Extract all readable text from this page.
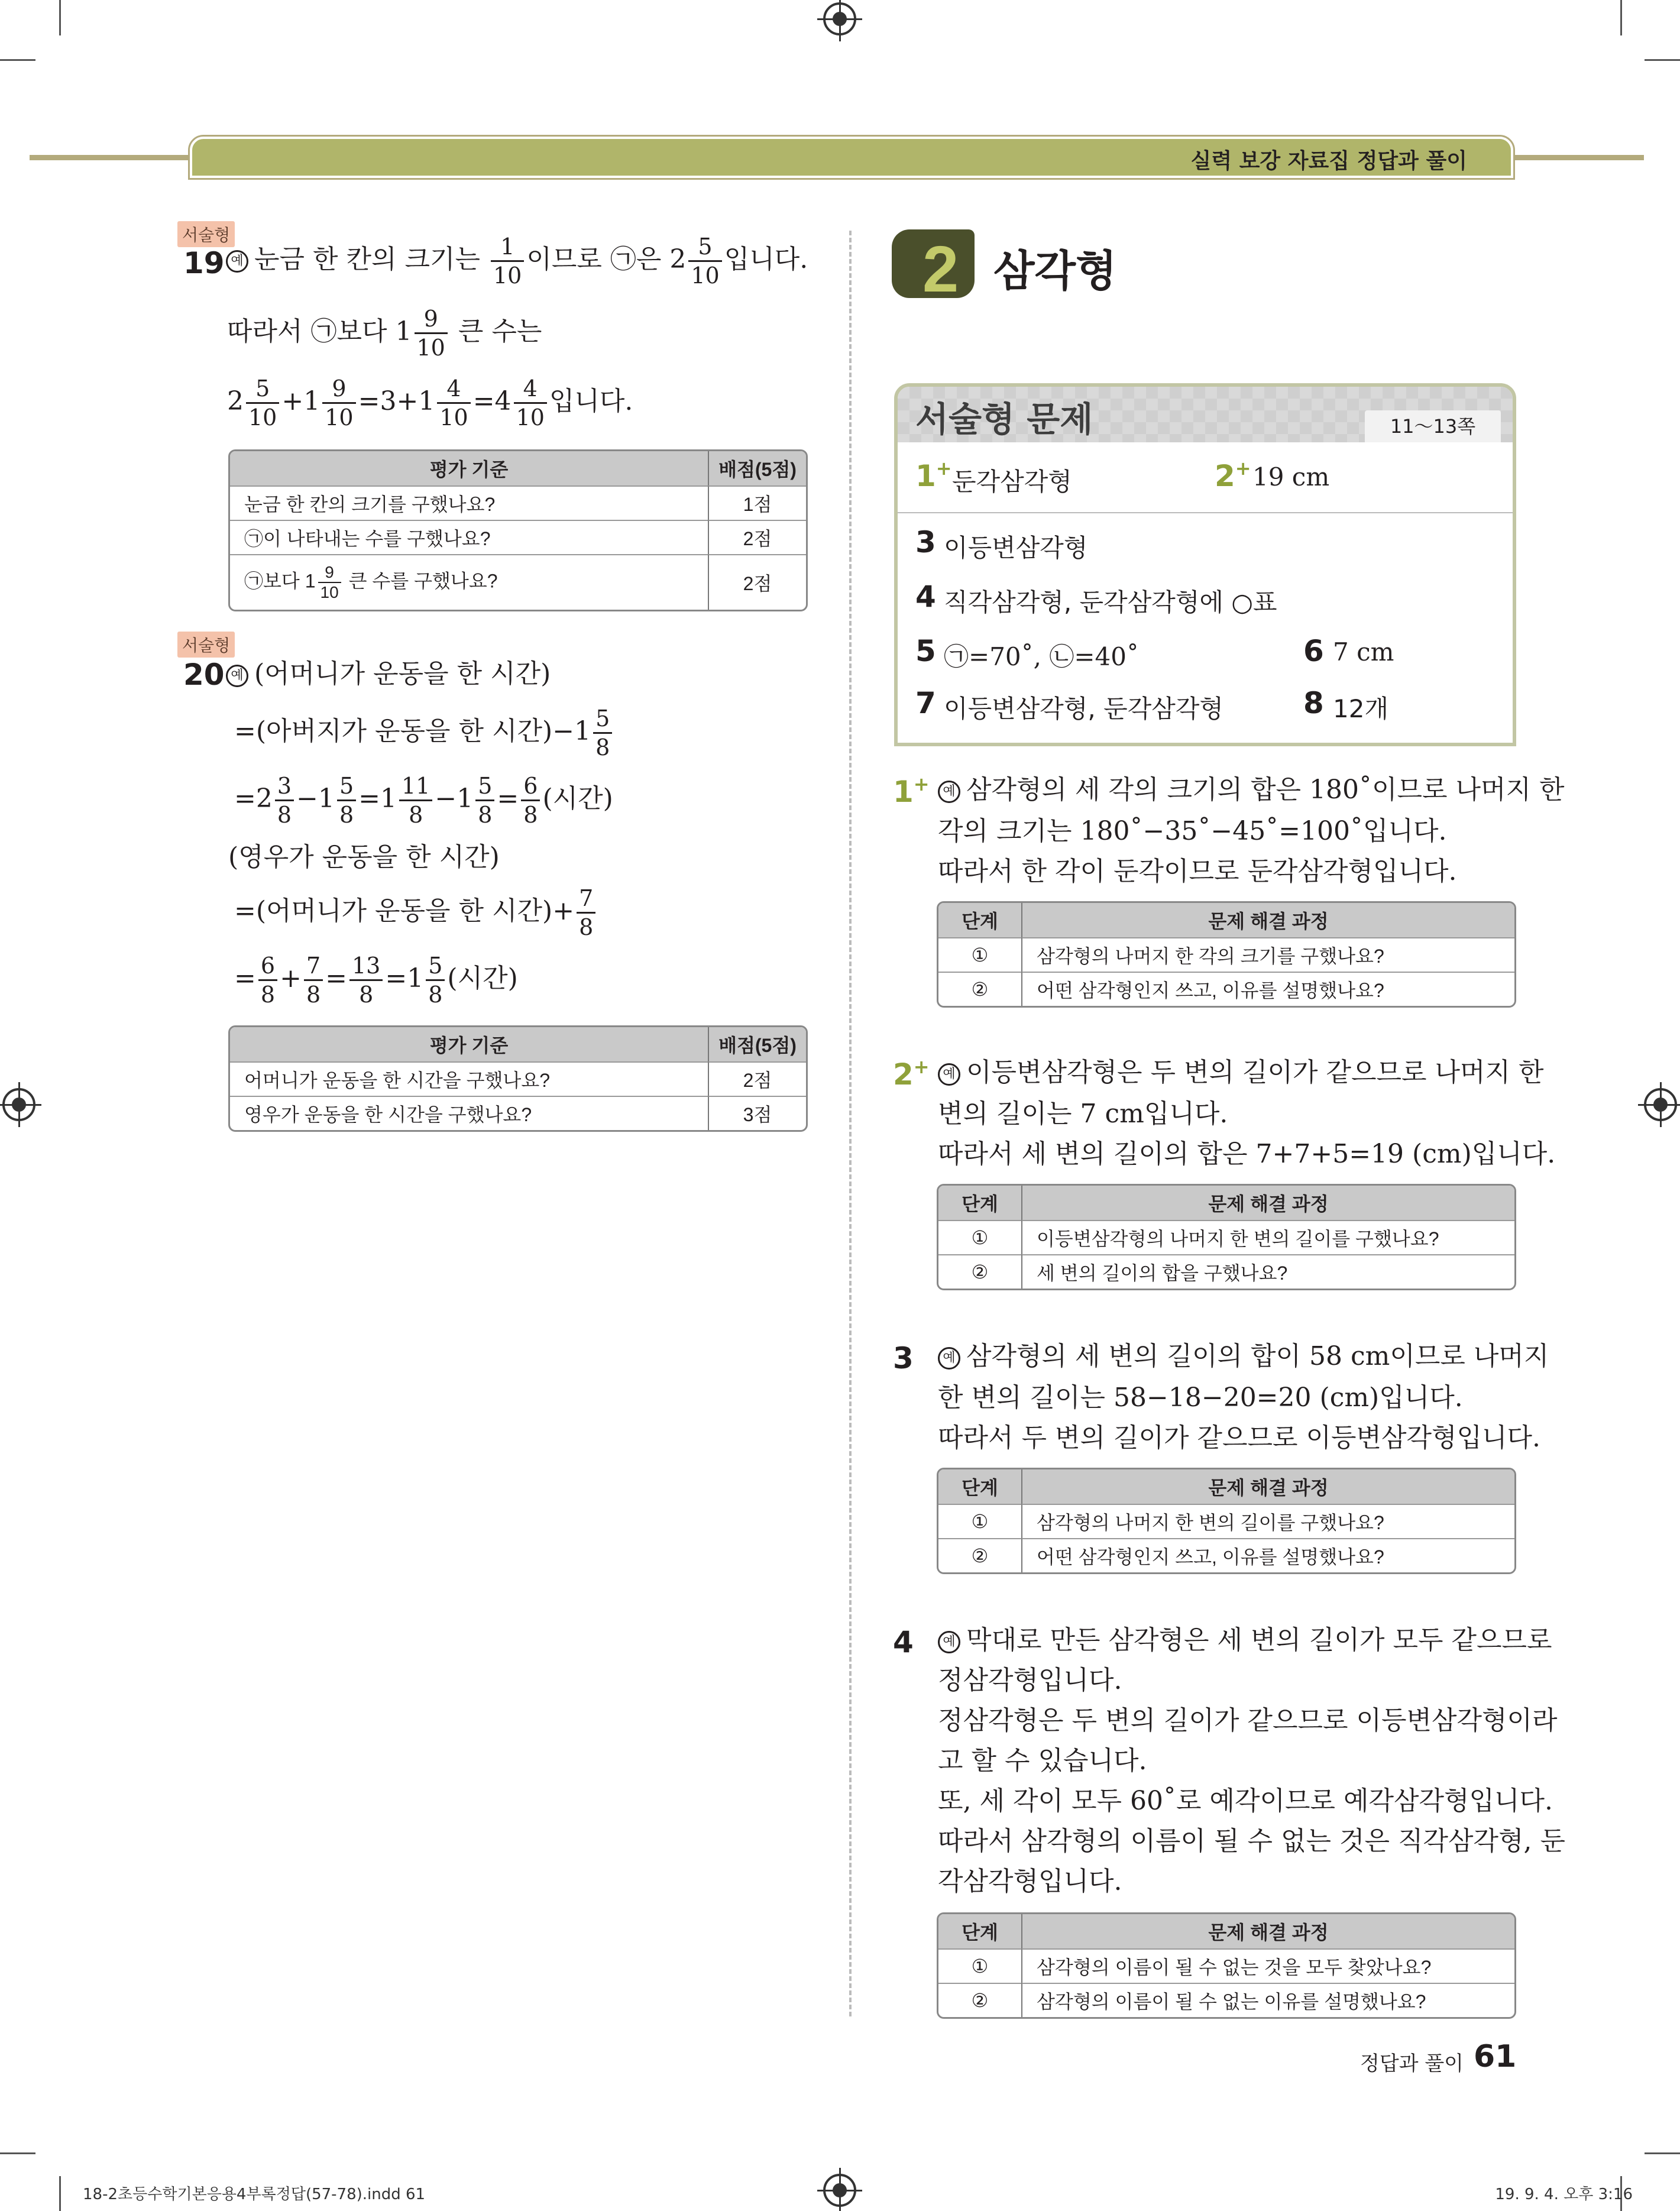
실력 보강 자료집 정답과 풀이
서술형
19 예 눈금 한 칸의 크기는 $\frac{1}{10}$ 이므로 ㉠은 $2 \frac{5}{10}$ 입니다.
따라서 ㉠보다 $1 \frac{9}{10}$ 큰 수는
$2 \frac{5}{10} +1 \frac{9}{10} =3+1 \frac{4}{10} =4 \frac{4}{10}$ 입니다.
평가 기준	배점(5점)
눈금 한 칸의 크기를 구했나요?	1점
㉠이 나타내는 수를 구했나요?	2점
㉠보다 $1 \frac{9}{10}$ 큰 수를 구했나요?	2점
서술형
20 예 (어머니가 운동을 한 시간)
=(아버지가 운동을 한 시간)$-1 \frac{5}{8}$
$=2 \frac{3}{8} -1 \frac{5}{8} =1 \frac{11}{8} -1 \frac{5}{8} = \frac{6}{8}$ (시간)
(영우가 운동을 한 시간)
=(어머니가 운동을 한 시간)+ $\frac{7}{8}$
= $\frac{6}{8} + \frac{7}{8} = \frac{13}{8} =1 \frac{5}{8}$ (시간)
평가 기준	배점(5점)
어머니가 운동을 한 시간을 구했나요?	2점
영우가 운동을 한 시간을 구했나요?	3점
2 삼각형
서술형 문제	11～13쪽
1+ 둔각삼각형	2+ 19 cm
3 이등변삼각형
4 직각삼각형, 둔각삼각형에 ○표
5 ㉠=70˚, ㉡=40˚	6 7 cm
7 이등변삼각형, 둔각삼각형	8 12개
1+	예 삼각형의 세 각의 크기의 합은 180˚이므로 나머지 한
각의 크기는 180˚−35˚−45˚=100˚입니다.
따라서 한 각이 둔각이므로 둔각삼각형입니다.
단계	문제 해결 과정
①	삼각형의 나머지 한 각의 크기를 구했나요?
②	어떤 삼각형인지 쓰고, 이유를 설명했나요?
2+	예 이등변삼각형은 두 변의 길이가 같으므로 나머지 한
변의 길이는 7 cm입니다.
따라서 세 변의 길이의 합은 7+7+5=19 (cm)입니다.
단계	문제 해결 과정
①	이등변삼각형의 나머지 한 변의 길이를 구했나요?
②	세 변의 길이의 합을 구했나요?
3	예 삼각형의 세 변의 길이의 합이 58 cm이므로 나머지
한 변의 길이는 58−18−20=20 (cm)입니다.
따라서 두 변의 길이가 같으므로 이등변삼각형입니다.
단계	문제 해결 과정
①	삼각형의 나머지 한 변의 길이를 구했나요?
②	어떤 삼각형인지 쓰고, 이유를 설명했나요?
4	예 막대로 만든 삼각형은 세 변의 길이가 모두 같으므로
정삼각형입니다.
정삼각형은 두 변의 길이가 같으므로 이등변삼각형이라
고 할 수 있습니다.
또, 세 각이 모두 60˚로 예각이므로 예각삼각형입니다.
따라서 삼각형의 이름이 될 수 없는 것은 직각삼각형, 둔
각삼각형입니다.
단계	문제 해결 과정
①	삼각형의 이름이 될 수 없는 것을 모두 찾았나요?
②	삼각형의 이름이 될 수 없는 이유를 설명했나요?
정답과 풀이 61
18-2초등수학기본응용4부록정답(57-78).indd 61	19. 9. 4. 오후 3:16
